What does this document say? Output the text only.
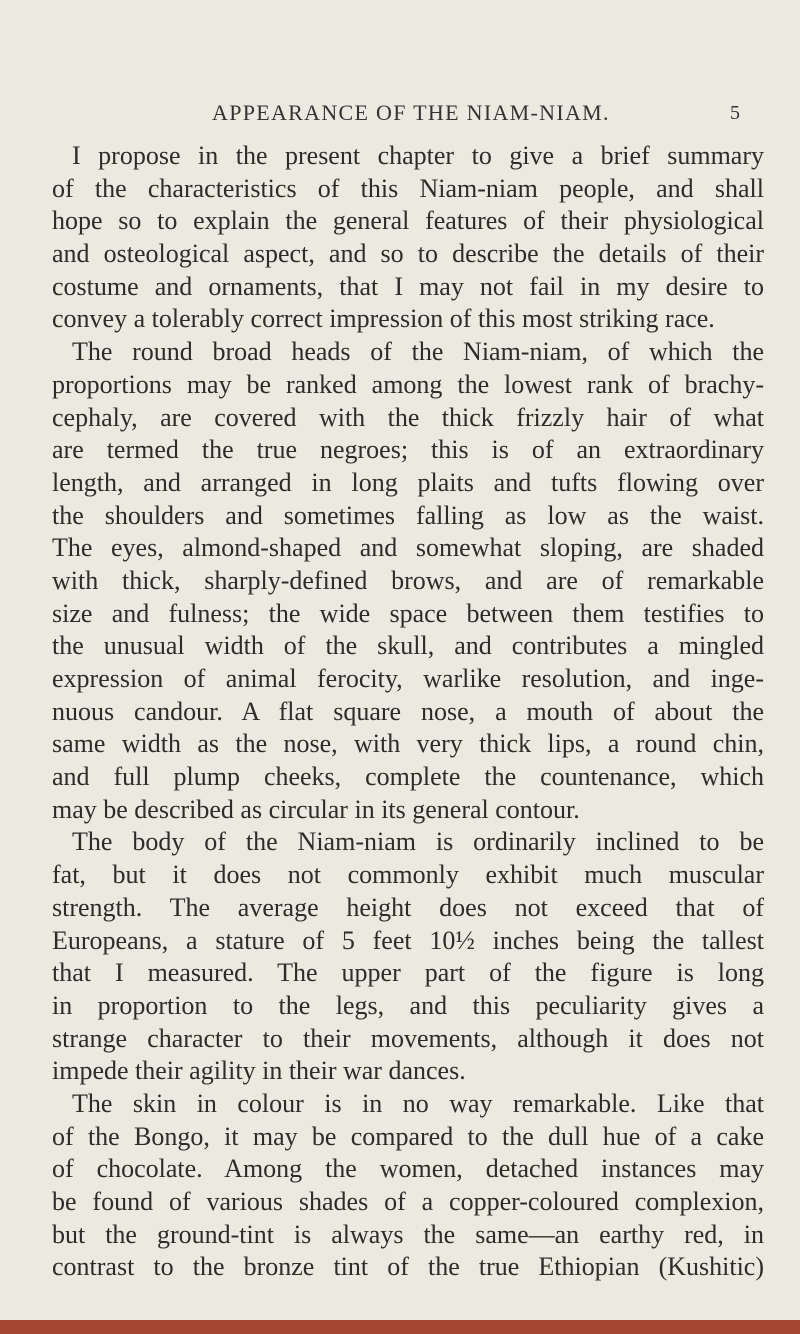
APPEARANCE OF THE NIAM-NIAM.	5
I propose in the present chapter to give a brief summary
of the characteristics of this Niam-niam people, and shall
hope so to explain the general features of their physiological
and osteological aspect, and so to describe the details of their
costume and ornaments, that I may not fail in my desire to
convey a tolerably correct impression of this most striking race.
The round broad heads of the Niam-niam, of which the
proportions may be ranked among the lowest rank of brachy-
cephaly, are covered with the thick frizzly hair of what
are termed the true negroes; this is of an extraordinary
length, and arranged in long plaits and tufts flowing over
the shoulders and sometimes falling as low as the waist.
The eyes, almond-shaped and somewhat sloping, are shaded
with thick, sharply-defined brows, and are of remarkable
size and fulness; the wide space between them testifies to
the unusual width of the skull, and contributes a mingled
expression of animal ferocity, warlike resolution, and inge-
nuous candour. A flat square nose, a mouth of about the
same width as the nose, with very thick lips, a round chin,
and full plump cheeks, complete the countenance, which
may be described as circular in its general contour.
The body of the Niam-niam is ordinarily inclined to be
fat, but it does not commonly exhibit much muscular
strength. The average height does not exceed that of
Europeans, a stature of 5 feet 10½ inches being the tallest
that I measured. The upper part of the figure is long
in proportion to the legs, and this peculiarity gives a
strange character to their movements, although it does not
impede their agility in their war dances.
The skin in colour is in no way remarkable. Like that
of the Bongo, it may be compared to the dull hue of a cake
of chocolate. Among the women, detached instances may
be found of various shades of a copper-coloured complexion,
but the ground-tint is always the same—an earthy red, in
contrast to the bronze tint of the true Ethiopian (Kushitic)
